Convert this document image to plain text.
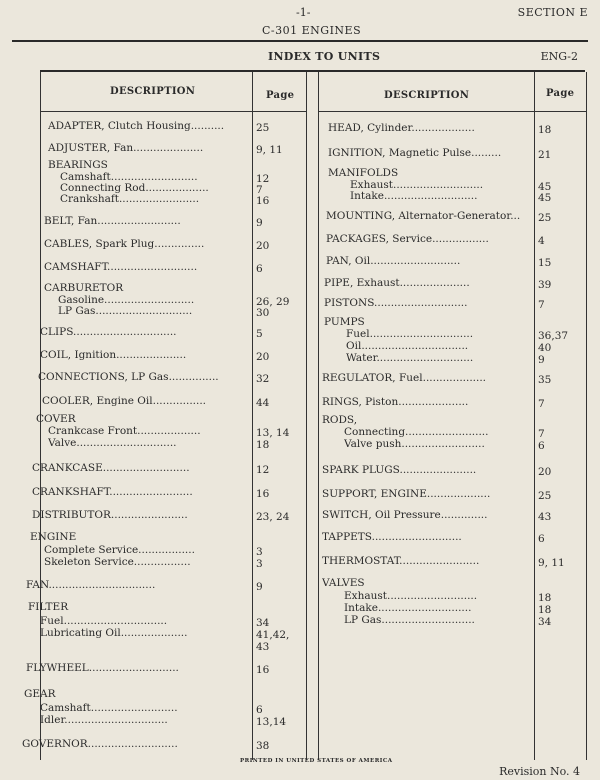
-1-	SECTION E
C-301 ENGINES
INDEX TO UNITS	ENG-2
DESCRIPTION	Page	DESCRIPTION	Page
ADAPTER, Clutch Housing..........	25
ADJUSTER, Fan.....................	9, 11
BEARINGS
Camshaft..........................	12
Connecting Rod...................	7
Crankshaft........................	16
BELT, Fan.........................	9
CABLES, Spark Plug...............	20
CAMSHAFT...........................	6
CARBURETOR
Gasoline...........................	26, 29
LP Gas.............................	30
CLIPS...............................	5
COIL, Ignition.....................	20
CONNECTIONS, LP Gas...............	32
COOLER, Engine Oil................	44
COVER
Crankcase Front...................	13, 14
Valve..............................	18
CRANKCASE..........................	12
CRANKSHAFT.........................	16
DISTRIBUTOR.......................	23, 24
ENGINE
Complete Service.................	3
Skeleton Service.................	3
FAN................................	9
FILTER
Fuel...............................	34
Lubricating Oil....................	41,42,
43
FLYWHEEL...........................	16
GEAR
Camshaft..........................	6
Idler...............................	13,14
GOVERNOR...........................	38
HEAD, Cylinder...................	18
IGNITION, Magnetic Pulse.........	21
MANIFOLDS
Exhaust...........................	45
Intake............................	45
MOUNTING, Alternator-Generator...	25
PACKAGES, Service.................	4
PAN, Oil...........................	15
PIPE, Exhaust.....................	39
PISTONS............................	7
PUMPS
Fuel...............................	36,37
Oil................................	40
Water.............................	9
REGULATOR, Fuel...................	35
RINGS, Piston.....................	7
RODS,
Connecting.........................	7
Valve push.........................	6
SPARK PLUGS.......................	20
SUPPORT, ENGINE...................	25
SWITCH, Oil Pressure..............	43
TAPPETS...........................	6
THERMOSTAT........................	9, 11
VALVES
Exhaust...........................	18
Intake............................	18
LP Gas............................	34
PRINTED IN UNITED STATES OF AMERICA
Revision No. 4
